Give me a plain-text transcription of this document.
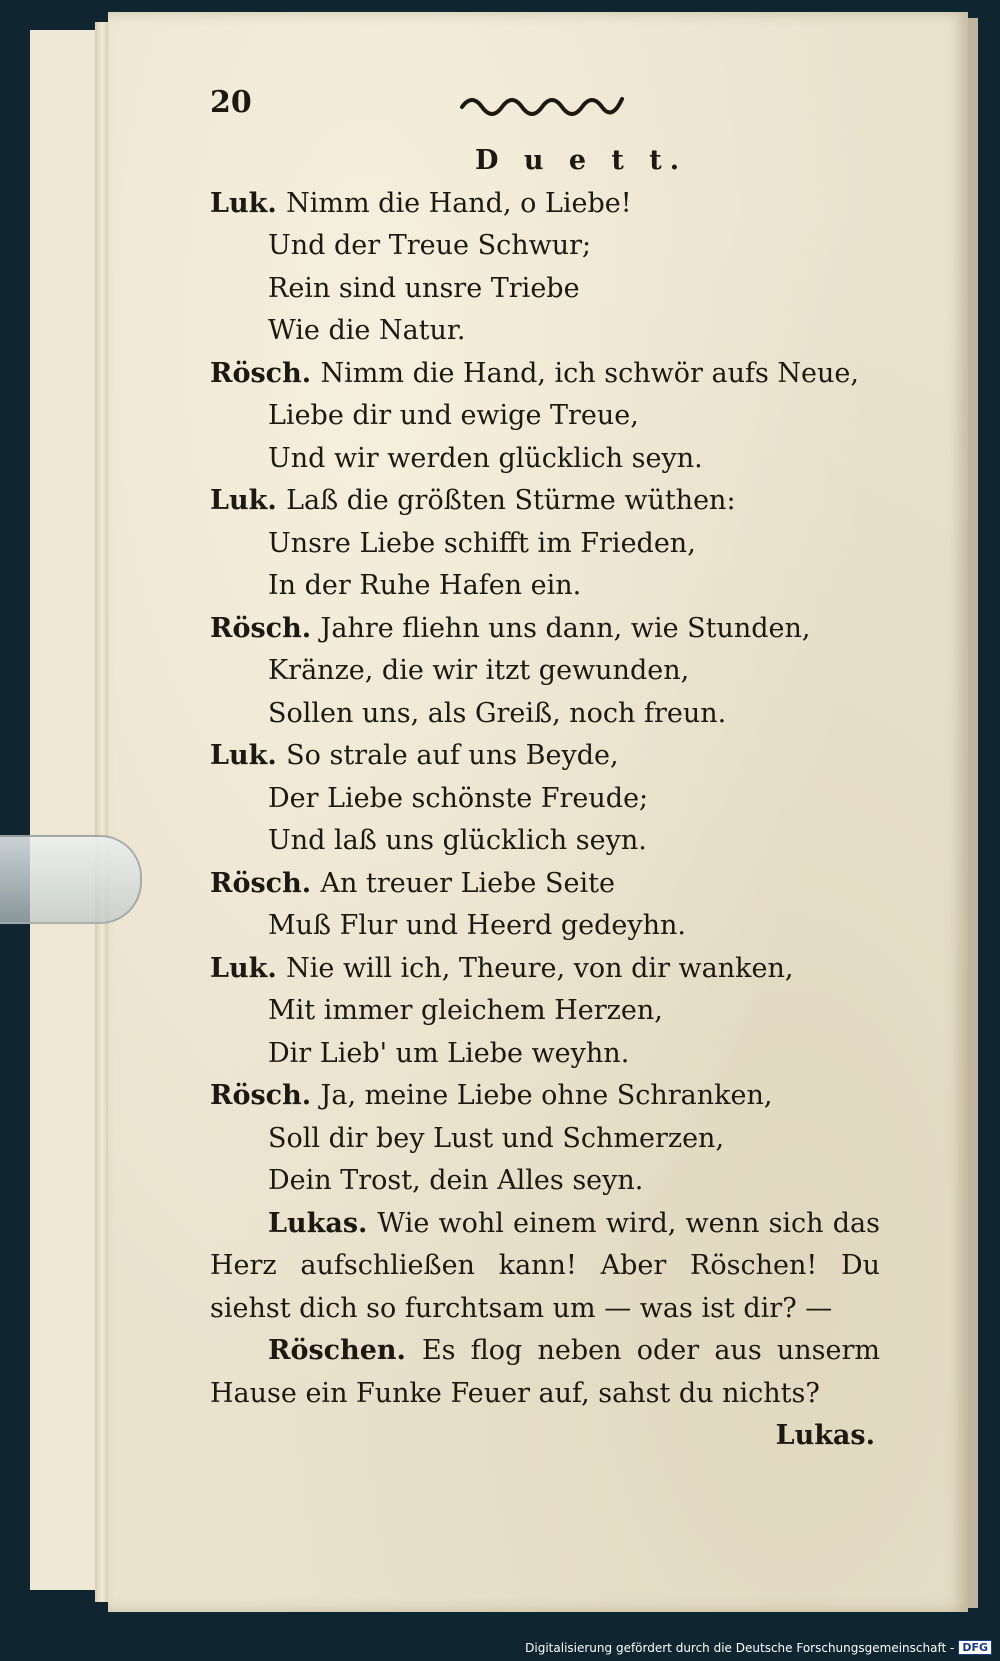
20
D u e t t.
Luk. Nimm die Hand, o Liebe!
Und der Treue Schwur;
Rein sind unsre Triebe
Wie die Natur.
Rösch. Nimm die Hand, ich schwör aufs Neue,
Liebe dir und ewige Treue,
Und wir werden glücklich seyn.
Luk. Laß die größten Stürme wüthen:
Unsre Liebe schifft im Frieden,
In der Ruhe Hafen ein.
Rösch. Jahre fliehn uns dann, wie Stunden,
Kränze, die wir itzt gewunden,
Sollen uns, als Greiß, noch freun.
Luk. So strale auf uns Beyde,
Der Liebe schönste Freude;
Und laß uns glücklich seyn.
Rösch. An treuer Liebe Seite
Muß Flur und Heerd gedeyhn.
Luk. Nie will ich, Theure, von dir wanken,
Mit immer gleichem Herzen,
Dir Lieb' um Liebe weyhn.
Rösch. Ja, meine Liebe ohne Schranken,
Soll dir bey Lust und Schmerzen,
Dein Trost, dein Alles seyn.
Lukas. Wie wohl einem wird, wenn sich das Herz aufschließen kann! Aber Röschen! Du siehst dich so furchtsam um — was ist dir? —
Röschen. Es flog neben oder aus unserm Hause ein Funke Feuer auf, sahst du nichts?
Lukas.
Digitalisierung gefördert durch die Deutsche Forschungsgemeinschaft - DFG
